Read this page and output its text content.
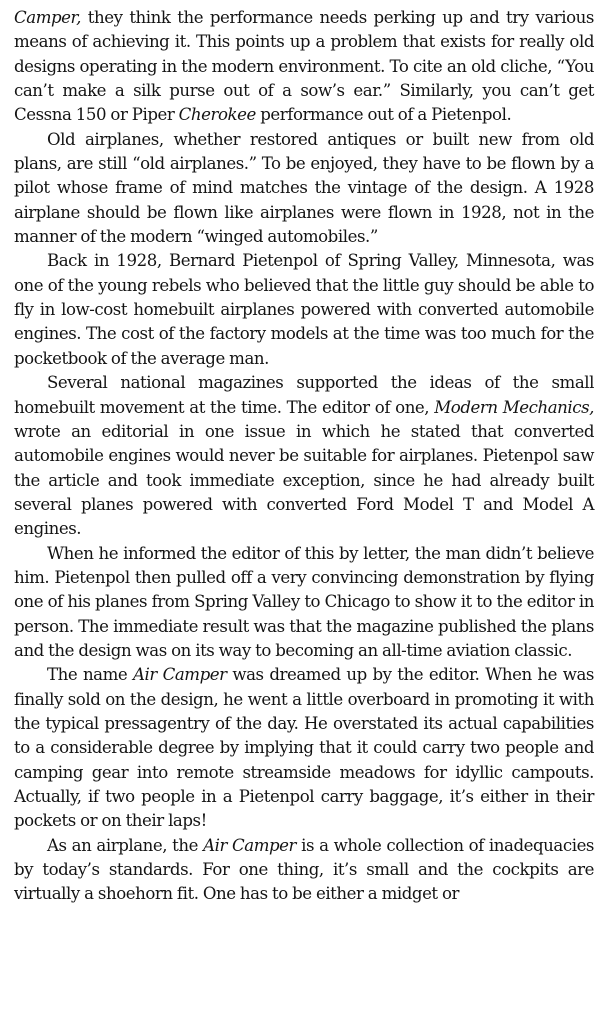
Camper, they think the performance needs perking up and try various means of achieving it. This points up a problem that exists for really old designs operating in the modern environment. To cite an old cliche, “You can’t make a silk purse out of a sow’s ear.” Similarly, you can’t get Cessna 150 or Piper Cherokee performance out of a Pietenpol.

Old airplanes, whether restored antiques or built new from old plans, are still “old airplanes.” To be enjoyed, they have to be flown by a pilot whose frame of mind matches the vintage of the design. A 1928 airplane should be flown like airplanes were flown in 1928, not in the manner of the modern “winged automobiles.”

Back in 1928, Bernard Pietenpol of Spring Valley, Minnesota, was one of the young rebels who believed that the little guy should be able to fly in low-cost homebuilt airplanes powered with converted automobile engines. The cost of the factory models at the time was too much for the pocketbook of the average man.

Several national magazines supported the ideas of the small homebuilt movement at the time. The editor of one, Modern Mechanics, wrote an editorial in one issue in which he stated that converted automobile engines would never be suitable for airplanes. Pietenpol saw the article and took immediate exception, since he had already built several planes powered with converted Ford Model T and Model A engines.

When he informed the editor of this by letter, the man didn’t believe him. Pietenpol then pulled off a very convincing demonstration by flying one of his planes from Spring Valley to Chicago to show it to the editor in person. The immediate result was that the magazine published the plans and the design was on its way to becoming an all-time aviation classic.

The name Air Camper was dreamed up by the editor. When he was finally sold on the design, he went a little overboard in promoting it with the typical pressagentry of the day. He overstated its actual capabilities to a considerable degree by implying that it could carry two people and camping gear into remote streamside meadows for idyllic campouts. Actually, if two people in a Pietenpol carry baggage, it’s either in their pockets or on their laps!

As an airplane, the Air Camper is a whole collection of inadequacies by today’s standards. For one thing, it’s small and the cockpits are virtually a shoehorn fit. One has to be either a midget or
